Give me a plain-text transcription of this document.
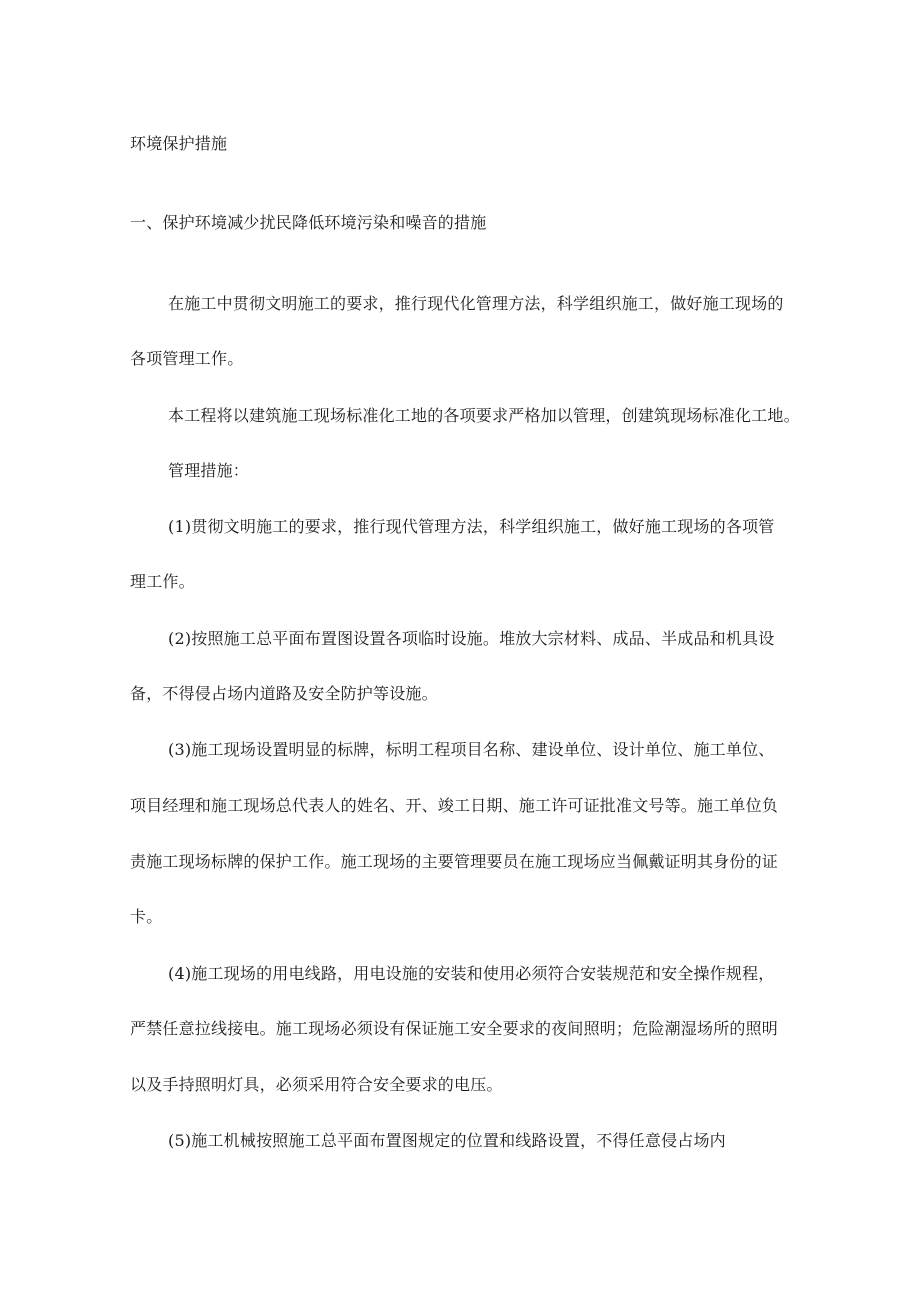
环境保护措施
一、保护环境减少扰民降低环境污染和噪音的措施
在施工中贯彻文明施工的要求，推行现代化管理方法，科学组织施工，做好施工现场的
各项管理工作。
本工程将以建筑施工现场标准化工地的各项要求严格加以管理，创建筑现场标准化工地。
管理措施：
(1)贯彻文明施工的要求，推行现代管理方法，科学组织施工，做好施工现场的各项管
理工作。
(2)按照施工总平面布置图设置各项临时设施。堆放大宗材料、成品、半成品和机具设
备，不得侵占场内道路及安全防护等设施。
(3)施工现场设置明显的标牌，标明工程项目名称、建设单位、设计单位、施工单位、
项目经理和施工现场总代表人的姓名、开、竣工日期、施工许可证批准文号等。施工单位负
责施工现场标牌的保护工作。施工现场的主要管理要员在施工现场应当佩戴证明其身份的证
卡。
(4)施工现场的用电线路，用电设施的安装和使用必须符合安装规范和安全操作规程，
严禁任意拉线接电。施工现场必须设有保证施工安全要求的夜间照明；危险潮湿场所的照明
以及手持照明灯具，必须采用符合安全要求的电压。
(5)施工机械按照施工总平面布置图规定的位置和线路设置，不得任意侵占场内
